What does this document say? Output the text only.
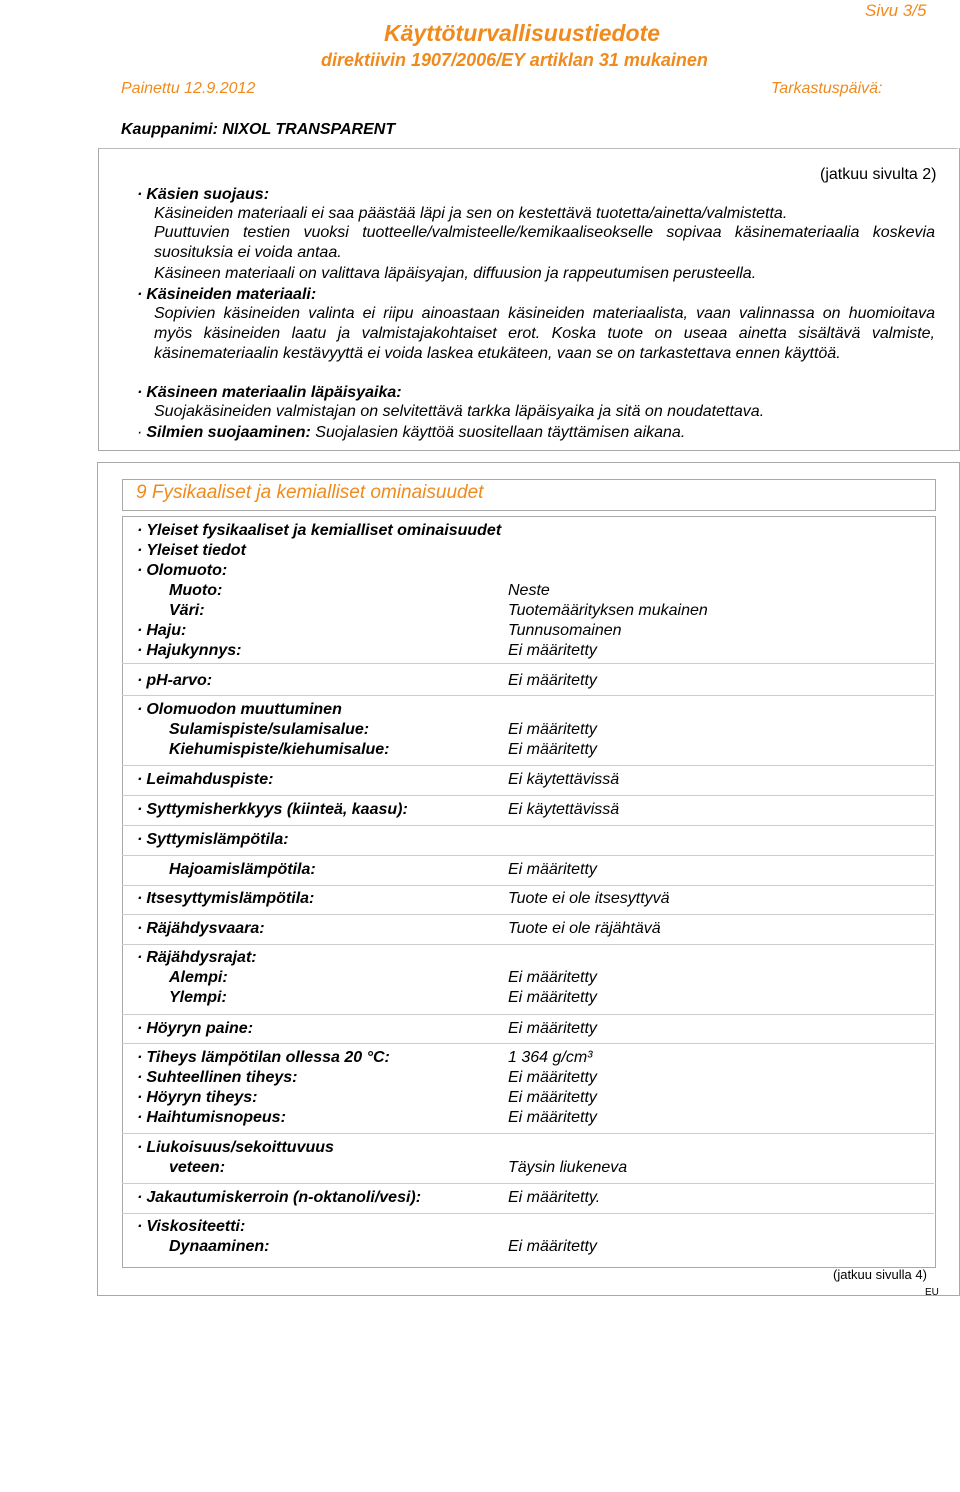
Käyttöturvallisuustiedote
direktiivin 1907/2006/EY artiklan 31 mukainen
Sivu 3/5
Painettu 12.9.2012	Tarkastuspäivä:
Kauppanimi: NIXOL TRANSPARENT
(jatkuu sivulta 2)
· Käsien suojaus:
Käsineiden materiaali ei saa päästää läpi ja sen on kestettävä tuotetta/ainetta/valmistetta.
Puuttuvien testien vuoksi tuotteelle/valmisteelle/kemikaaliseokselle sopivaa käsinemateriaalia koskevia suosituksia ei voida antaa.
Käsineen materiaali on valittava läpäisyajan, diffuusion ja rappeutumisen perusteella.
· Käsineiden materiaali:
Sopivien käsineiden valinta ei riipu ainoastaan käsineiden materiaalista, vaan valinnassa on huomioitava myös käsineiden laatu ja valmistajakohtaiset erot. Koska tuote on useaa ainetta sisältävä valmiste, käsinemateriaalin kestävyyttä ei voida laskea etukäteen, vaan se on tarkastettava ennen käyttöä.
· Käsineen materiaalin läpäisyaika:
Suojakäsineiden valmistajan on selvitettävä tarkka läpäisyaika ja sitä on noudatettava.
· Silmien suojaaminen: Suojalasien käyttöä suositellaan täyttämisen aikana.
9 Fysikaaliset ja kemialliset ominaisuudet
· Yleiset fysikaaliset ja kemialliset ominaisuudet
· Yleiset tiedot
· Olomuoto:
Muoto:	Neste
Väri:	Tuotemäärityksen mukainen
· Haju:	Tunnusomainen
· Hajukynnys:	Ei määritetty
· pH-arvo:	Ei määritetty
· Olomuodon muuttuminen
Sulamispiste/sulamisalue:	Ei määritetty
Kiehumispiste/kiehumisalue:	Ei määritetty
· Leimahduspiste:	Ei käytettävissä
· Syttymisherkkyys (kiinteä, kaasu):	Ei käytettävissä
· Syttymislämpötila:
Hajoamislämpötila:	Ei määritetty
· Itsesyttymislämpötila:	Tuote ei ole itsesyttyvä
· Räjähdysvaara:	Tuote ei ole räjähtävä
· Räjähdysrajat:
Alempi:	Ei määritetty
Ylempi:	Ei määritetty
· Höyryn paine:	Ei määritetty
· Tiheys lämpötilan ollessa 20 °C:	1 364 g/cm³
· Suhteellinen tiheys:	Ei määritetty
· Höyryn tiheys:	Ei määritetty
· Haihtumisnopeus:	Ei määritetty
· Liukoisuus/sekoittuvuus
veteen:	Täysin liukeneva
· Jakautumiskerroin (n-oktanoli/vesi):	Ei määritetty.
· Viskositeetti:
Dynaaminen:	Ei määritetty
(jatkuu sivulla 4)
EU
